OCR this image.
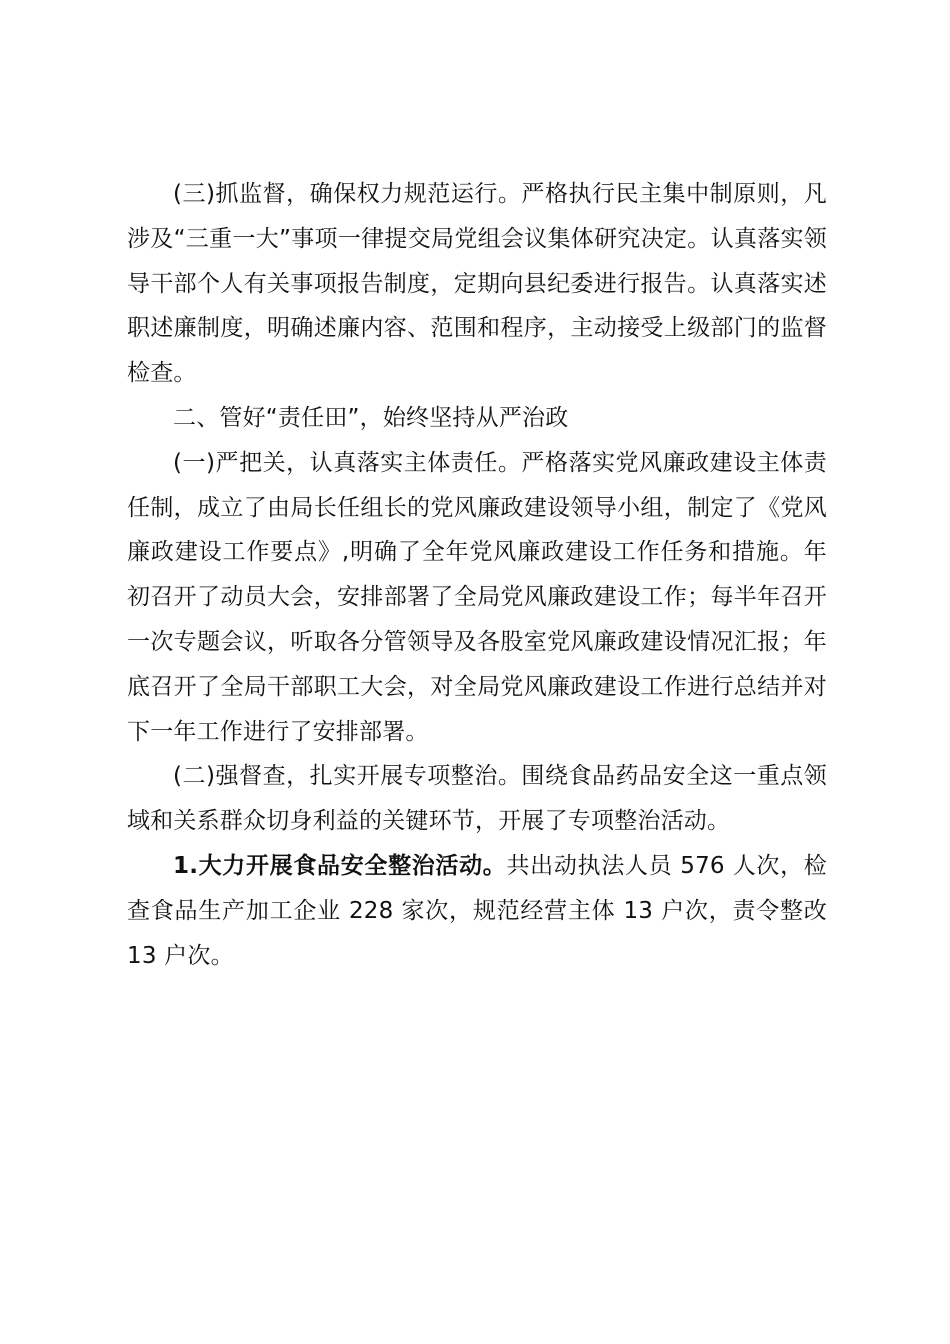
(三)抓监督，确保权力规范运行。严格执行民主集中制原则，凡涉及“三重一大”事项一律提交局党组会议集体研究决定。认真落实领导干部个人有关事项报告制度，定期向县纪委进行报告。认真落实述职述廉制度，明确述廉内容、范围和程序，主动接受上级部门的监督检查。

二、管好“责任田”，始终坚持从严治政

(一)严把关，认真落实主体责任。严格落实党风廉政建设主体责任制，成立了由局长任组长的党风廉政建设领导小组，制定了《党风廉政建设工作要点》,明确了全年党风廉政建设工作任务和措施。年初召开了动员大会，安排部署了全局党风廉政建设工作；每半年召开一次专题会议，听取各分管领导及各股室党风廉政建设情况汇报；年底召开了全局干部职工大会，对全局党风廉政建设工作进行总结并对下一年工作进行了安排部署。

(二)强督查，扎实开展专项整治。围绕食品药品安全这一重点领域和关系群众切身利益的关键环节，开展了专项整治活动。

1.大力开展食品安全整治活动。共出动执法人员 576 人次，检查食品生产加工企业 228 家次，规范经营主体 13 户次，责令整改 13 户次。
